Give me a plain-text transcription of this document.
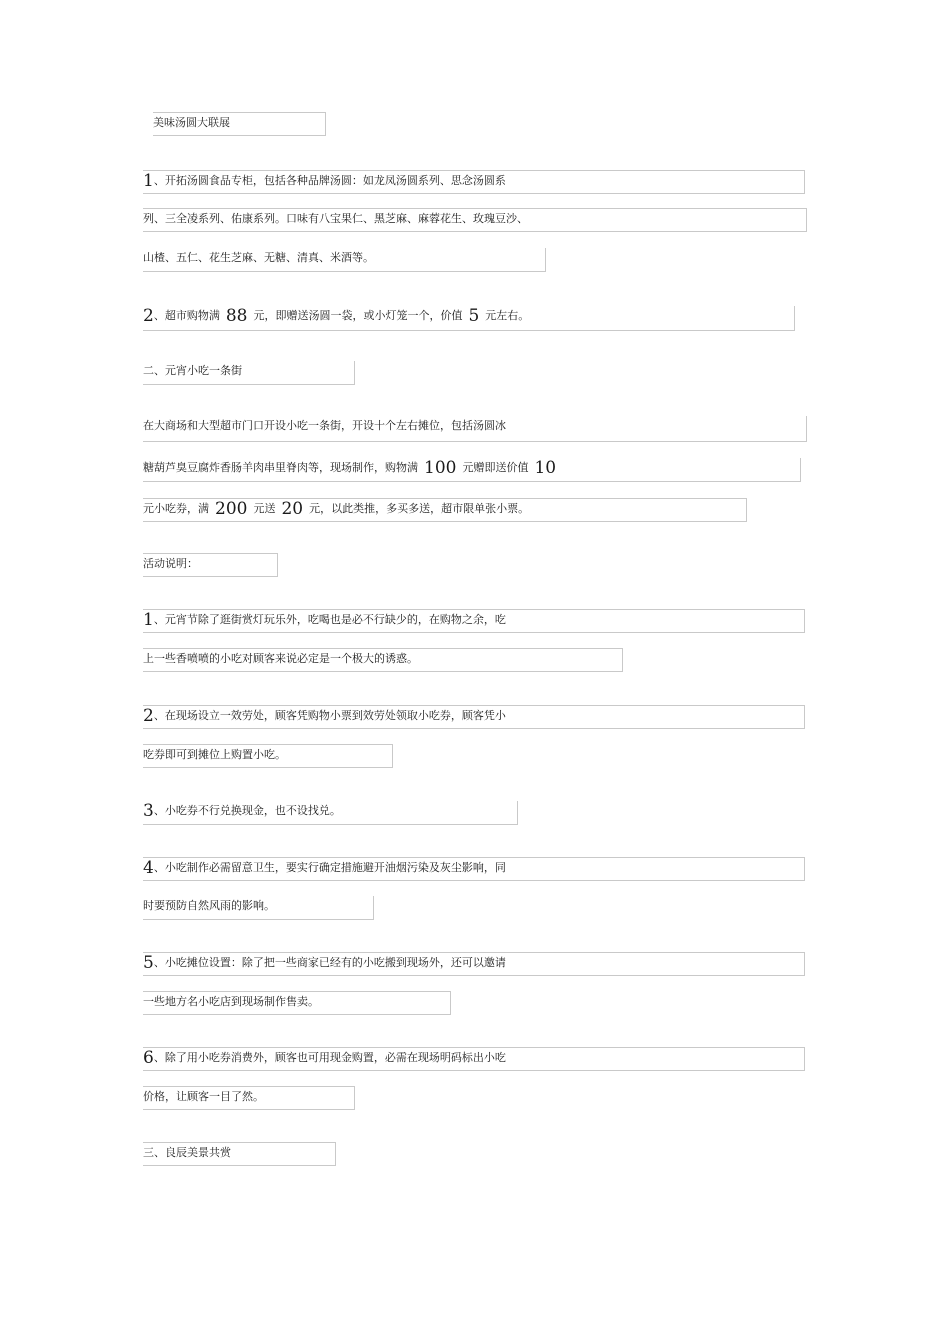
美味汤圆大联展
1、开拓汤圆食品专柜，包括各种品牌汤圆：如龙凤汤圆系列、思念汤圆系
列、三全凌系列、佑康系列。口味有八宝果仁、黑芝麻、麻蓉花生、玫瑰豆沙、
山楂、五仁、花生芝麻、无糖、清真、米酒等。
2、超市购物满 88 元，即赠送汤圆一袋，或小灯笼一个，价值 5 元左右。
二、元宵小吃一条街
在大商场和大型超市门口开设小吃一条街，开设十个左右摊位，包括汤圆冰
糖葫芦臭豆腐炸香肠羊肉串里脊肉等，现场制作，购物满 100 元赠即送价值 10
元小吃券，满 200 元送 20 元，以此类推，多买多送，超市限单张小票。
活动说明：
1、元宵节除了逛街赏灯玩乐外，吃喝也是必不行缺少的，在购物之余，吃
上一些香喷喷的小吃对顾客来说必定是一个极大的诱惑。
2、在现场设立一效劳处，顾客凭购物小票到效劳处领取小吃券，顾客凭小
吃券即可到摊位上购置小吃。
3、小吃券不行兑换现金，也不设找兑。
4、小吃制作必需留意卫生，要实行确定措施避开油烟污染及灰尘影响，同
时要预防自然风雨的影响。
5、小吃摊位设置：除了把一些商家已经有的小吃搬到现场外，还可以邀请
一些地方名小吃店到现场制作售卖。
6、除了用小吃券消费外，顾客也可用现金购置，必需在现场明码标出小吃
价格，让顾客一目了然。
三、良辰美景共赏
